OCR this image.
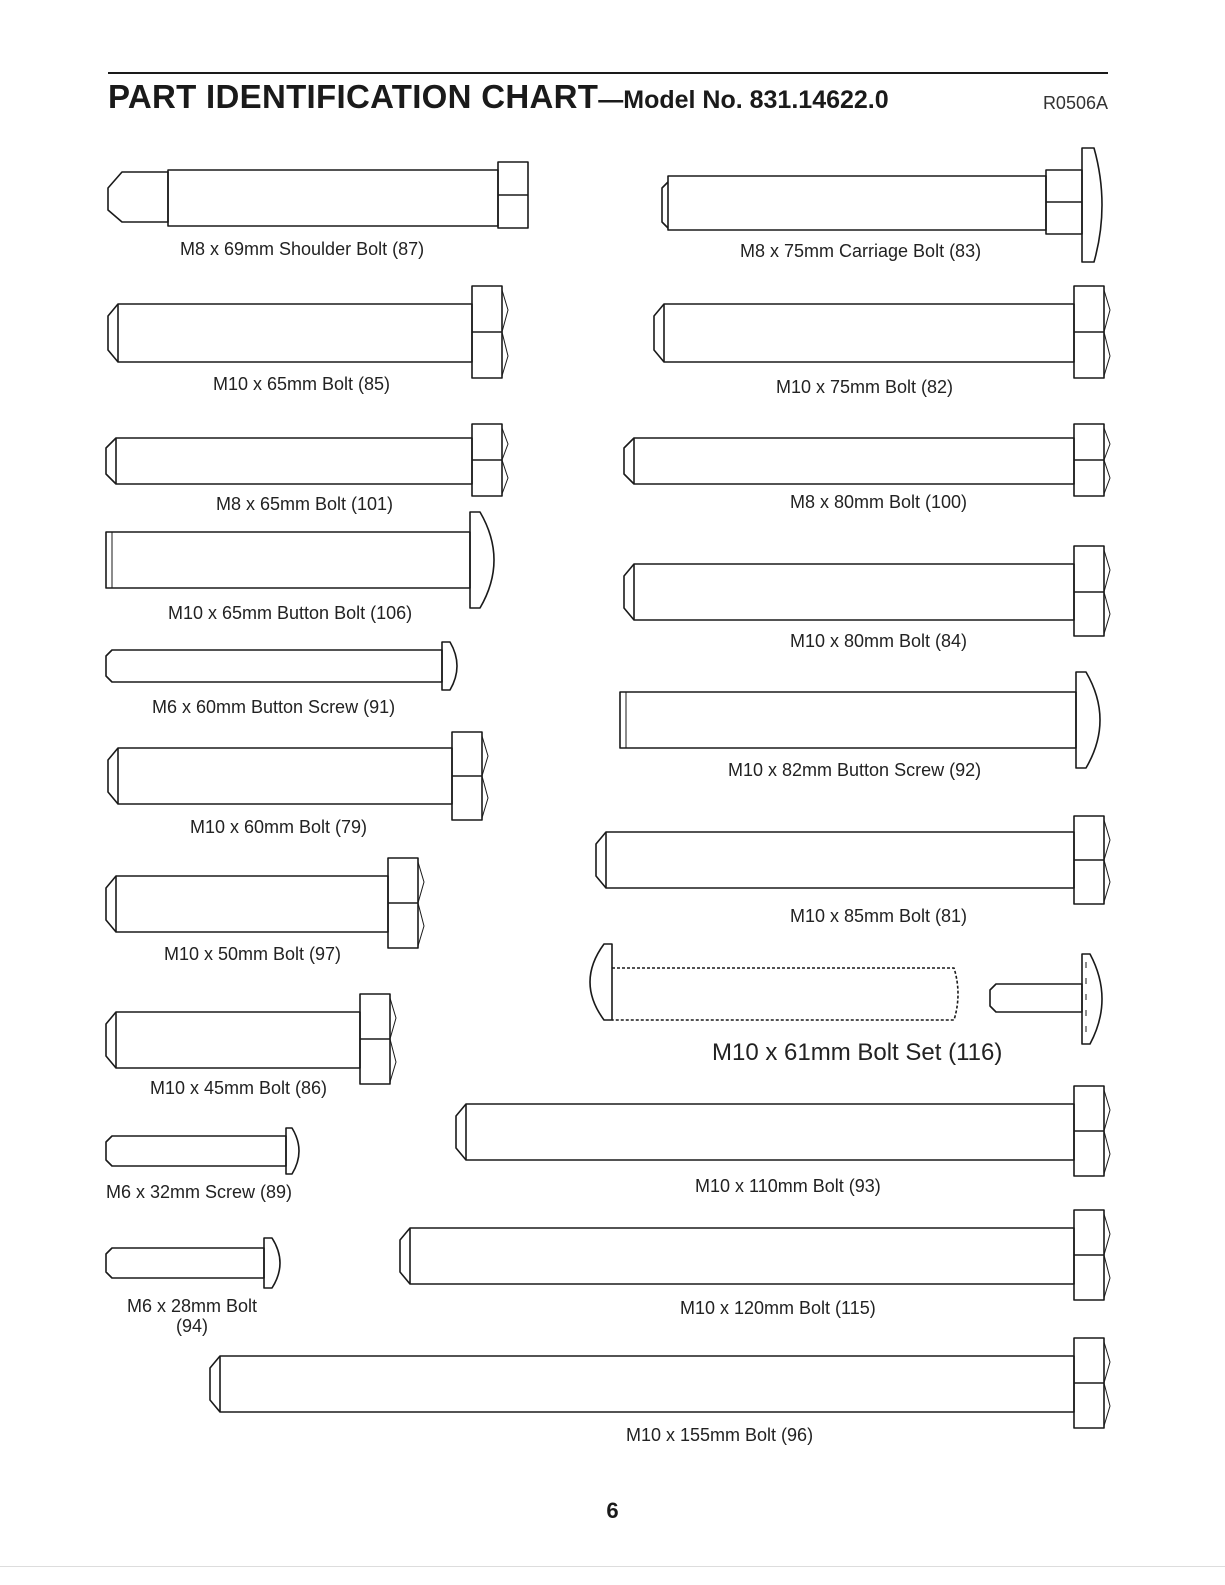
PART IDENTIFICATION CHART—Model No. 831.14622.0	R0506A
M8 x 69mm Shoulder Bolt (87)	M8 x 75mm Carriage Bolt (83)
M10 x 65mm Bolt (85)	M10 x 75mm Bolt (82)
M8 x 65mm Bolt (101)	M8 x 80mm Bolt (100)
M10 x 65mm Button Bolt (106)
M10 x 80mm Bolt (84)
M6 x 60mm Button Screw (91)
M10 x 82mm Button Screw (92)
M10 x 60mm Bolt (79)
M10 x 85mm Bolt (81)
M10 x 50mm Bolt (97)
M10 x 61mm Bolt Set (116)
M10 x 45mm Bolt (86)
M6 x 32mm Screw (89)	M10 x 110mm Bolt (93)
M6 x 28mm Bolt (94)
M10 x 120mm Bolt (115)
M10 x 155mm Bolt (96)
6
